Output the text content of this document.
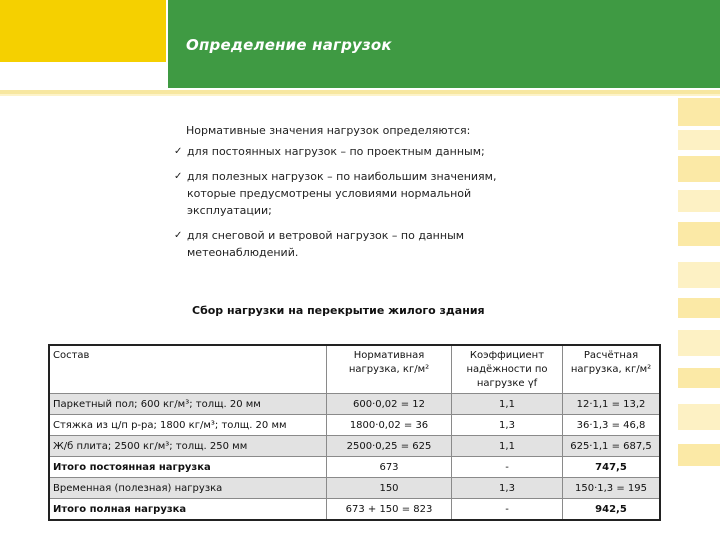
Определение нагрузок
Нормативные значения нагрузок определяются:
✓ для постоянных нагрузок – по проектным данным;
✓ для полезных нагрузок – по наибольшим значениям, которые предусмотрены условиями нормальной эксплуатации;
✓ для снеговой и ветровой нагрузок – по данным метеонаблюдений.
Сбор нагрузки на перекрытие жилого здания
Состав	Нормативная нагрузка, кг/м²	Коэффициент надёжности по нагрузке γf	Расчётная нагрузка, кг/м²
Паркетный пол; 600 кг/м³; толщ. 20 мм	600·0,02 = 12	1,1	12·1,1 = 13,2
Стяжка из ц/п р-ра; 1800 кг/м³; толщ. 20 мм	1800·0,02 = 36	1,3	36·1,3 = 46,8
Ж/б плита; 2500 кг/м³; толщ. 250 мм	2500·0,25 = 625	1,1	625·1,1 = 687,5
Итого постоянная нагрузка	673	-	747,5
Временная (полезная) нагрузка	150	1,3	150·1,3 = 195
Итого полная нагрузка	673 + 150 = 823	-	942,5
